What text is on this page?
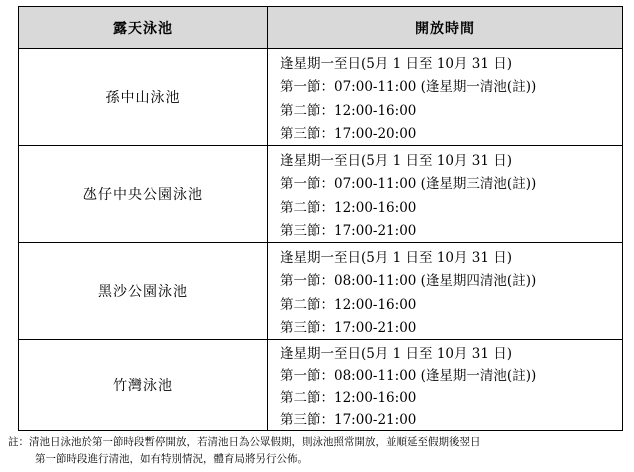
露天泳池	開放時間
孫中山泳池
逢星期一至日(5月 1 日至 10月 31 日)
第一節：07:00-11:00 (逢星期一清池(註))
第二節：12:00-16:00
第三節：17:00-20:00
氹仔中央公園泳池
逢星期一至日(5月 1 日至 10月 31 日)
第一節：07:00-11:00 (逢星期三清池(註))
第二節：12:00-16:00
第三節：17:00-21:00
黑沙公園泳池
逢星期一至日(5月 1 日至 10月 31 日)
第一節：08:00-11:00 (逢星期四清池(註))
第二節：12:00-16:00
第三節：17:00-21:00
竹灣泳池
逢星期一至日(5月 1 日至 10月 31 日)
第一節：08:00-11:00 (逢星期一清池(註))
第二節：12:00-16:00
第三節：17:00-21:00
註：清池日泳池於第一節時段暫停開放，若清池日為公眾假期，則泳池照常開放，並順延至假期後翌日
第一節時段進行清池，如有特別情況，體育局將另行公佈。
